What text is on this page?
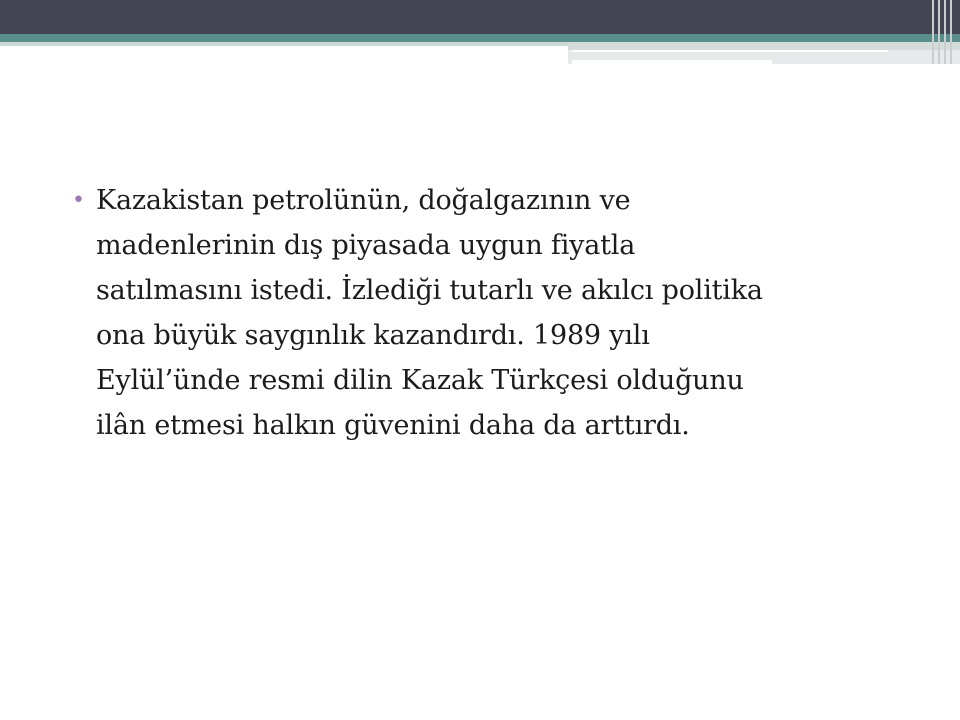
• Kazakistan petrolünün, doğalgazının ve
madenlerinin dış piyasada uygun fiyatla
satılmasını istedi. İzlediği tutarlı ve akılcı politika
ona büyük saygınlık kazandırdı. 1989 yılı
Eylül’ünde resmi dilin Kazak Türkçesi olduğunu
ilân etmesi halkın güvenini daha da arttırdı.
